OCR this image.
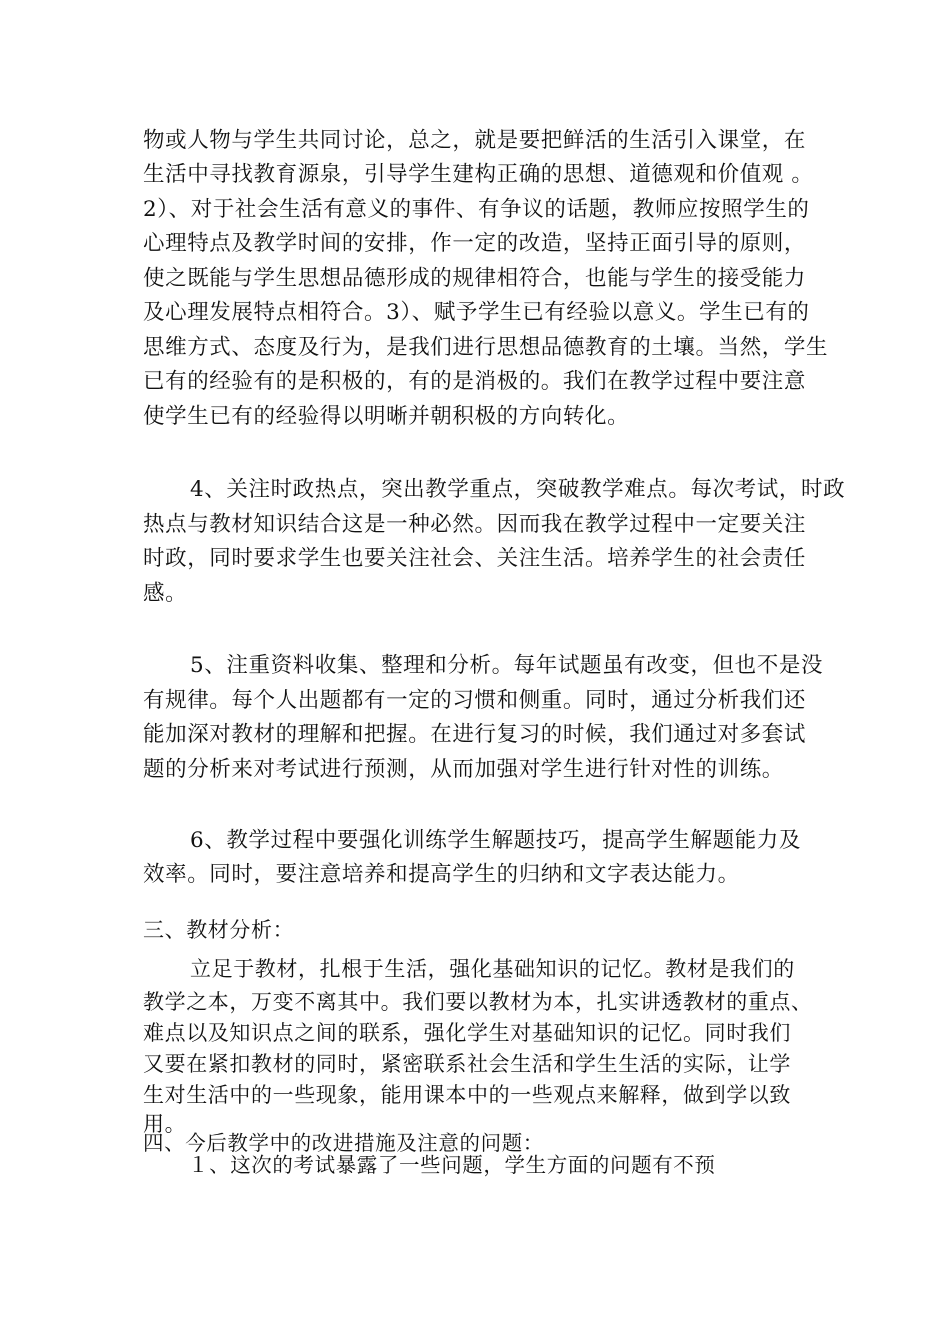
物或人物与学生共同讨论，总之，就是要把鲜活的生活引入课堂，在
生活中寻找教育源泉，引导学生建构正确的思想、道德观和价值观 。
2）、对于社会生活有意义的事件、有争议的话题，教师应按照学生的
心理特点及教学时间的安排，作一定的改造，坚持正面引导的原则，
使之既能与学生思想品德形成的规律相符合，也能与学生的接受能力
及心理发展特点相符合。3）、赋予学生已有经验以意义。学生已有的
思维方式、态度及行为，是我们进行思想品德教育的土壤。当然，学生
已有的经验有的是积极的，有的是消极的。我们在教学过程中要注意
使学生已有的经验得以明晰并朝积极的方向转化。
4、关注时政热点，突出教学重点，突破教学难点。每次考试，时政
热点与教材知识结合这是一种必然。因而我在教学过程中一定要关注
时政，同时要求学生也要关注社会、关注生活。培养学生的社会责任
感。
5、注重资料收集、整理和分析。每年试题虽有改变，但也不是没
有规律。每个人出题都有一定的习惯和侧重。同时，通过分析我们还
能加深对教材的理解和把握。在进行复习的时候，我们通过对多套试
题的分析来对考试进行预测，从而加强对学生进行针对性的训练。
6、教学过程中要强化训练学生解题技巧，提高学生解题能力及
效率。同时，要注意培养和提高学生的归纳和文字表达能力。
三、教材分析：
立足于教材，扎根于生活，强化基础知识的记忆。教材是我们的
教学之本，万变不离其中。我们要以教材为本，扎实讲透教材的重点、
难点以及知识点之间的联系，强化学生对基础知识的记忆。同时我们
又要在紧扣教材的同时，紧密联系社会生活和学生生活的实际，让学
生对生活中的一些现象，能用课本中的一些观点来解释，做到学以致
用。
四、今后教学中的改进措施及注意的问题：
１、这次的考试暴露了一些问题，学生方面的问题有不预
